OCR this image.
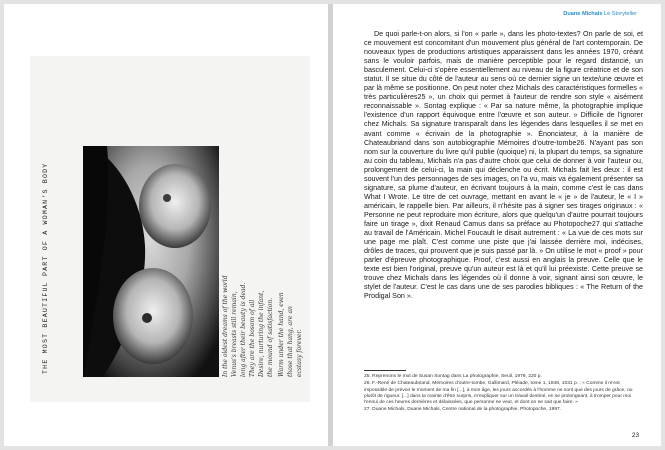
THE MOST BEAUTIFUL PART OF A WOMAN'S BODY	In the oldest dreams of the world Venus's breasts still remain, long after their beauty is dead. They are the bosom of all Desire, nurturing the infant, the mound of satisfaction. Warm under the hand, even those that hang, are an ecstasy forever.
Duane Michals Le Storyteller

De quoi parle-t-on alors, si l'on « parle », dans les photo-textes? On parle de soi, et ce mouvement est concomitant d'un mouvement plus général de l'art contemporain. De nouveaux types de productions artistiques apparaissent dans les années 1970, créant sans le vouloir parfois, mais de manière perceptible pour le regard distancié, un basculement. Celui-ci s'opère essentiellement au niveau de la figure créatrice et de son statut. Il se situe du côté de l'auteur au sens où ce dernier signe un texte/une œuvre et par là même se positionne. On peut noter chez Michals des caractéristiques formelles « très particulières25 », un choix qui permet à l'auteur de rendre son style « aisément reconnaissable ». Sontag explique : « Par sa nature même, la photographie implique l'existence d'un rapport équivoque entre l'œuvre et son auteur. » Difficile de l'ignorer chez Michals. Sa signature transparaît dans les légendes dans lesquelles il se met en avant comme « écrivain de la photographie ». Énonciateur, à la manière de Chateaubriand dans son autobiographie Mémoires d'outre-tombe26. N'ayant pas son nom sur la couverture du livre qu'il publie (quoique) ni, la plupart du temps, sa signature au coin du tableau, Michals n'a pas d'autre choix que celui de donner à voir l'auteur ou, prolongement de celui-ci, la main qui déclenche ou écrit. Michals fait les deux : il est souvent l'un des personnages de ses images, on l'a vu, mais va également présenter sa signature, sa plume d'auteur, en écrivant toujours à la main, comme c'est le cas dans What I Wrote. Le titre de cet ouvrage, mettant en avant le « je » de l'auteur, le « I » américain, le rappelle bien. Par ailleurs, il n'hésite pas à signer ses tirages originaux : « Personne ne peut reproduire mon écriture, alors que quelqu'un d'autre pourrait toujours faire un tirage », dixit Renaud Camus dans sa préface au Photopoche27 qui s'attache au travail de l'Américain. Michel Foucault le disait autrement : « La vue de ces mots sur une page me plaît. C'est comme une piste que j'ai laissée derrière moi, indécises, drôles de traces, qui prouvent que je suis passé par là. » On utilise le mot « proof » pour parler d'épreuve photographique. Proof, c'est aussi en anglais la preuve. Celle que le texte est bien l'original, preuve qu'un auteur est là et qu'il lui préexiste. Cette preuve se trouve chez Michals dans les légendes où il donne à voir, signant ainsi son œuvre, le stylet de l'auteur. C'est le cas dans une de ses parodies bibliques : « The Return of the Prodigal Son ».

25. Reprenons le mot de Susan Sontag dans La photographie, Seuil, 1979, 220 p.

26. F.-René de Chateaubriand, Mémoires d'outre-tombe, Gallimard, Pléiade, tome 1, 1848, 1031 p. : « Comme il m'est impossible de prévoir le moment de ma fin [...], à mon âge, les jours accordés à l'homme ne sont que des jours de grâce, ou plutôt de rigueur. [...] dans la crainte d'être surpris, m'expliquer sur un travail destiné, en se prolongeant, à tromper pour moi l'ennui de ces heures dernières et délaissées, que personne ne veut, et dont on ne sait que faire. »

27. Duane Michals, Duane Michals, Centre national de la photographie, Photopoche, 1997.

23
